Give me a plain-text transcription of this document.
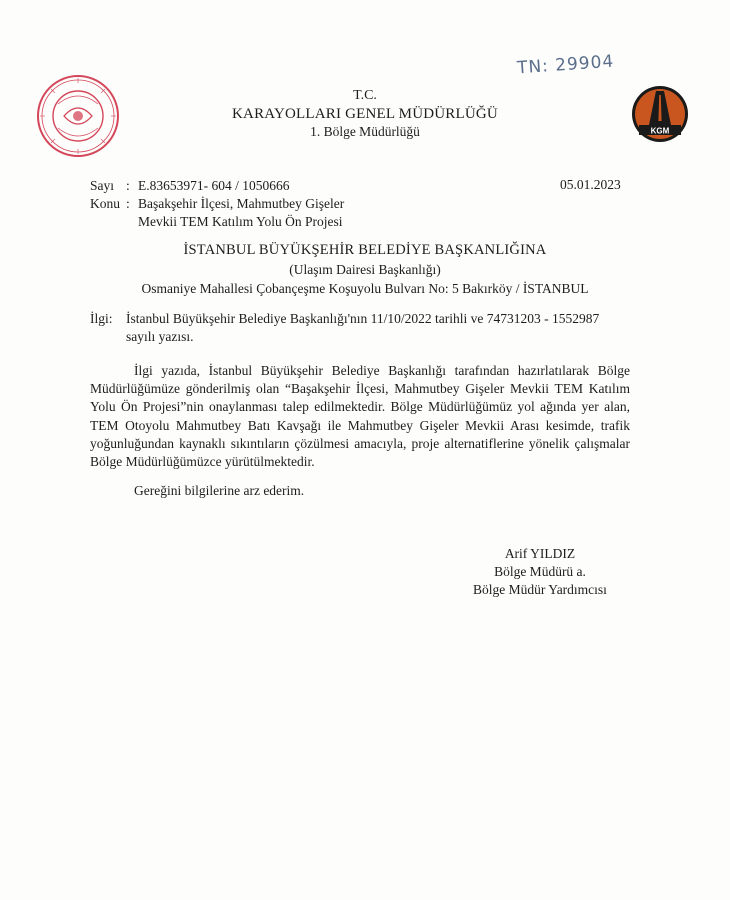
TN: 29904
KGM
T.C.
KARAYOLLARI GENEL MÜDÜRLÜĞÜ
1. Bölge Müdürlüğü
Sayı : E.83653971- 604 / 1050666
Konu : Başakşehir İlçesi, Mahmutbey Gişeler
Mevkii TEM Katılım Yolu Ön Projesi
05.01.2023
İSTANBUL BÜYÜKŞEHİR BELEDİYE BAŞKANLIĞINA
(Ulaşım Dairesi Başkanlığı)
Osmaniye Mahallesi Çobançeşme Koşuyolu Bulvarı No: 5 Bakırköy / İSTANBUL
İlgi:	İstanbul Büyükşehir Belediye Başkanlığı'nın 11/10/2022 tarihli ve 74731203 - 1552987 sayılı yazısı.
İlgi yazıda, İstanbul Büyükşehir Belediye Başkanlığı tarafından hazırlatılarak Bölge Müdürlüğümüze gönderilmiş olan “Başakşehir İlçesi, Mahmutbey Gişeler Mevkii TEM Katılım Yolu Ön Projesi”nin onaylanması talep edilmektedir. Bölge Müdürlüğümüz yol ağında yer alan, TEM Otoyolu Mahmutbey Batı Kavşağı ile Mahmutbey Gişeler Mevkii Arası kesimde, trafik yoğunluğundan kaynaklı sıkıntıların çözülmesi amacıyla, proje alternatiflerine yönelik çalışmalar Bölge Müdürlüğümüzce yürütülmektedir.
Gereğini bilgilerine arz ederim.
Arif YILDIZ
Bölge Müdürü a.
Bölge Müdür Yardımcısı
